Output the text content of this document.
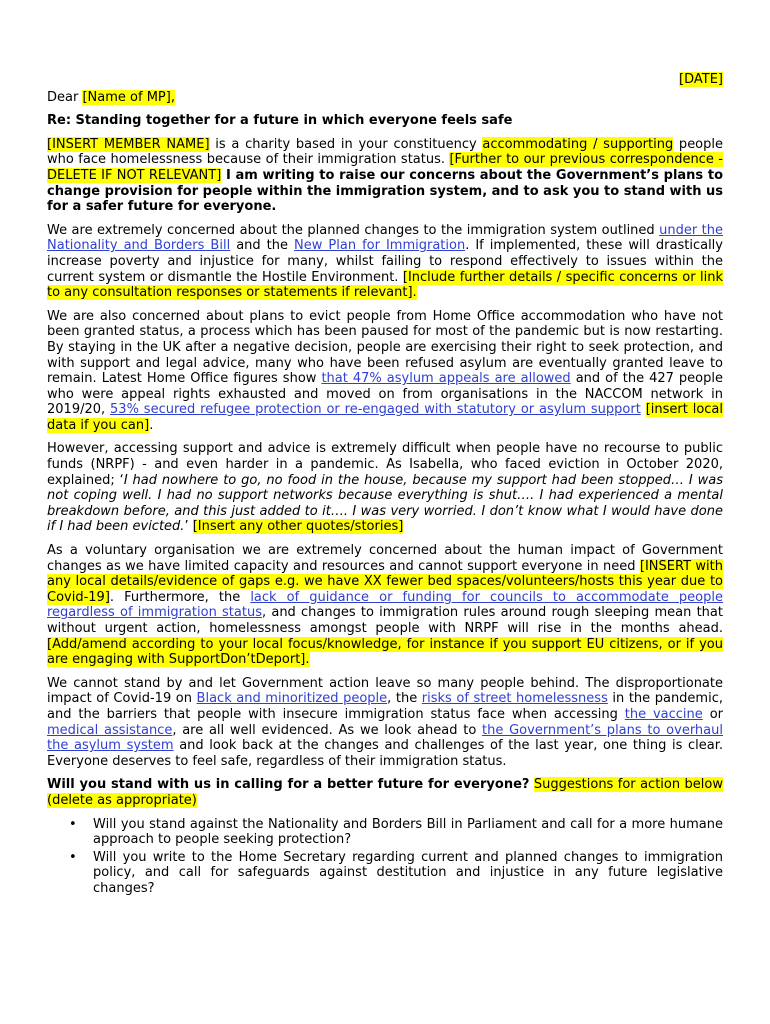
[DATE]

Dear [Name of MP],

Re: Standing together for a future in which everyone feels safe

[INSERT MEMBER NAME] is a charity based in your constituency accommodating / supporting people who face homelessness because of their immigration status. [Further to our previous correspondence - DELETE IF NOT RELEVANT] I am writing to raise our concerns about the Government’s plans to change provision for people within the immigration system, and to ask you to stand with us for a safer future for everyone.

We are extremely concerned about the planned changes to the immigration system outlined under the Nationality and Borders Bill and the New Plan for Immigration. If implemented, these will drastically increase poverty and injustice for many, whilst failing to respond effectively to issues within the current system or dismantle the Hostile Environment. [Include further details / specific concerns or link to any consultation responses or statements if relevant].

We are also concerned about plans to evict people from Home Office accommodation who have not been granted status, a process which has been paused for most of the pandemic but is now restarting. By staying in the UK after a negative decision, people are exercising their right to seek protection, and with support and legal advice, many who have been refused asylum are eventually granted leave to remain. Latest Home Office figures show that 47% asylum appeals are allowed and of the 427 people who were appeal rights exhausted and moved on from organisations in the NACCOM network in 2019/20, 53% secured refugee protection or re-engaged with statutory or asylum support [insert local data if you can].

However, accessing support and advice is extremely difficult when people have no recourse to public funds (NRPF) - and even harder in a pandemic. As Isabella, who faced eviction in October 2020, explained; ‘I had nowhere to go, no food in the house, because my support had been stopped… I was not coping well. I had no support networks because everything is shut…. I had experienced a mental breakdown before, and this just added to it…. I was very worried. I don’t know what I would have done if I had been evicted.’ [Insert any other quotes/stories]

As a voluntary organisation we are extremely concerned about the human impact of Government changes as we have limited capacity and resources and cannot support everyone in need [INSERT with any local details/evidence of gaps e.g. we have XX fewer bed spaces/volunteers/hosts this year due to Covid-19]. Furthermore, the lack of guidance or funding for councils to accommodate people regardless of immigration status, and changes to immigration rules around rough sleeping mean that without urgent action, homelessness amongst people with NRPF will rise in the months ahead. [Add/amend according to your local focus/knowledge, for instance if you support EU citizens, or if you are engaging with SupportDon’tDeport].

We cannot stand by and let Government action leave so many people behind. The disproportionate impact of Covid-19 on Black and minoritized people, the risks of street homelessness in the pandemic, and the barriers that people with insecure immigration status face when accessing the vaccine or medical assistance, are all well evidenced. As we look ahead to the Government’s plans to overhaul the asylum system and look back at the changes and challenges of the last year, one thing is clear. Everyone deserves to feel safe, regardless of their immigration status.

Will you stand with us in calling for a better future for everyone? Suggestions for action below (delete as appropriate)

• Will you stand against the Nationality and Borders Bill in Parliament and call for a more humane approach to people seeking protection?
• Will you write to the Home Secretary regarding current and planned changes to immigration policy, and call for safeguards against destitution and injustice in any future legislative changes?
